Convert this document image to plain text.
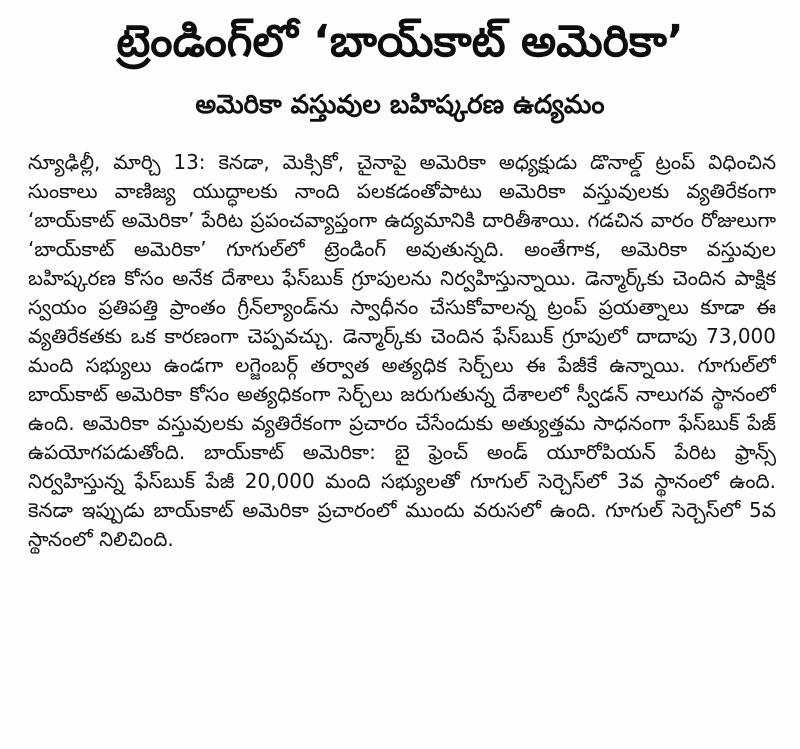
ట్రెండింగ్‌లో ‘బాయ్‌కాట్ అమెరికా’
అమెరికా వస్తువుల బహిష్కరణ ఉద్యమం

న్యూఢిల్లీ, మార్చి 13: కెనడా, మెక్సికో, చైనాపై అమెరికా అధ్యక్షుడు డొనాల్డ్ ట్రంప్ విధించిన సుంకాలు వాణిజ్య యుద్ధాలకు నాంది పలకడంతోపాటు అమెరికా వస్తువులకు వ్యతిరేకంగా ‘బాయ్‌కాట్ అమెరికా’ పేరిట ప్రపంచవ్యాప్తంగా ఉద్యమానికి దారితీశాయి. గడచిన వారం రోజులుగా ‘బాయ్‌కాట్ అమెరికా’ గూగుల్‌లో ట్రెండింగ్ అవుతున్నది. అంతేగాక, అమెరికా వస్తువుల బహిష్కరణ కోసం అనేక దేశాలు ఫేస్‌బుక్ గ్రూపులను నిర్వహిస్తున్నాయి. డెన్మార్క్‌కు చెందిన పాక్షిక స్వయం ప్రతిపత్తి ప్రాంతం గ్రీన్‌ల్యాండ్‌ను స్వాధీనం చేసుకోవాలన్న ట్రంప్ ప్రయత్నాలు కూడా ఈ వ్యతిరేకతకు ఒక కారణంగా చెప్పవచ్చు. డెన్మార్క్‌కు చెందిన ఫేస్‌బుక్ గ్రూపులో దాదాపు 73,000 మంది సభ్యులు ఉండగా లగ్జెంబర్గ్ తర్వాత అత్యధిక సెర్చ్‌లు ఈ పేజీకే ఉన్నాయి. గూగుల్‌లో బాయ్‌కాట్ అమెరికా కోసం అత్యధికంగా సెర్చ్‌లు జరుగుతున్న దేశాలలో స్వీడన్ నాలుగవ స్థానంలో ఉంది. అమెరికా వస్తువులకు వ్యతిరేకంగా ప్రచారం చేసేందుకు అత్యుత్తమ సాధనంగా ఫేస్‌బుక్ పేజ్ ఉపయోగపడుతోంది. బాయ్‌కాట్ అమెరికా: బై ఫ్రెంచ్ అండ్ యూరోపియన్ పేరిట ఫ్రాన్స్ నిర్వహిస్తున్న ఫేస్‌బుక్ పేజీ 20,000 మంది సభ్యులతో గూగుల్ సెర్చెస్‌లో 3వ స్థానంలో ఉంది. కెనడా ఇప్పుడు బాయ్‌కాట్ అమెరికా ప్రచారంలో ముందు వరుసలో ఉంది. గూగుల్ సెర్చెస్‌లో 5వ స్థానంలో నిలిచింది.
